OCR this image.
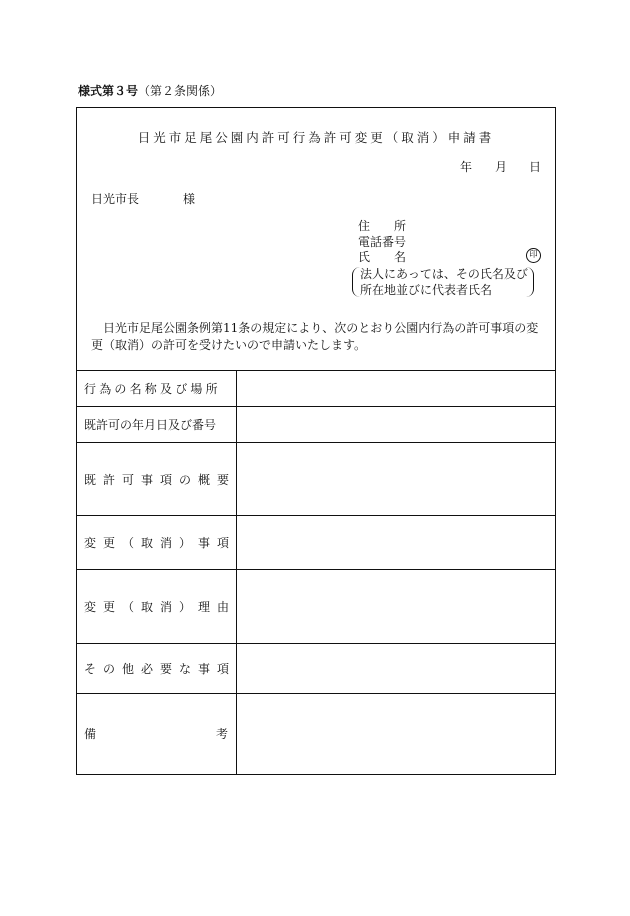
様式第３号（第２条関係）
日光市足尾公園内許可行為許可変更（取消）申請書
年 月 日
日光市長	様
住　　所
電話番号
氏　　名	印
法人にあっては、その氏名及び
所在地並びに代表者氏名
日光市足尾公園条例第11条の規定により、次のとおり公園内行為の許可事項の変更（取消）の許可を受けたいので申請いたします。
行為の名称及び場所	
既許可の年月日及び番号	
既許可事項の概要	
変更（取消）事項	
変更（取消）理由	
その他必要な事項	

備 考	
